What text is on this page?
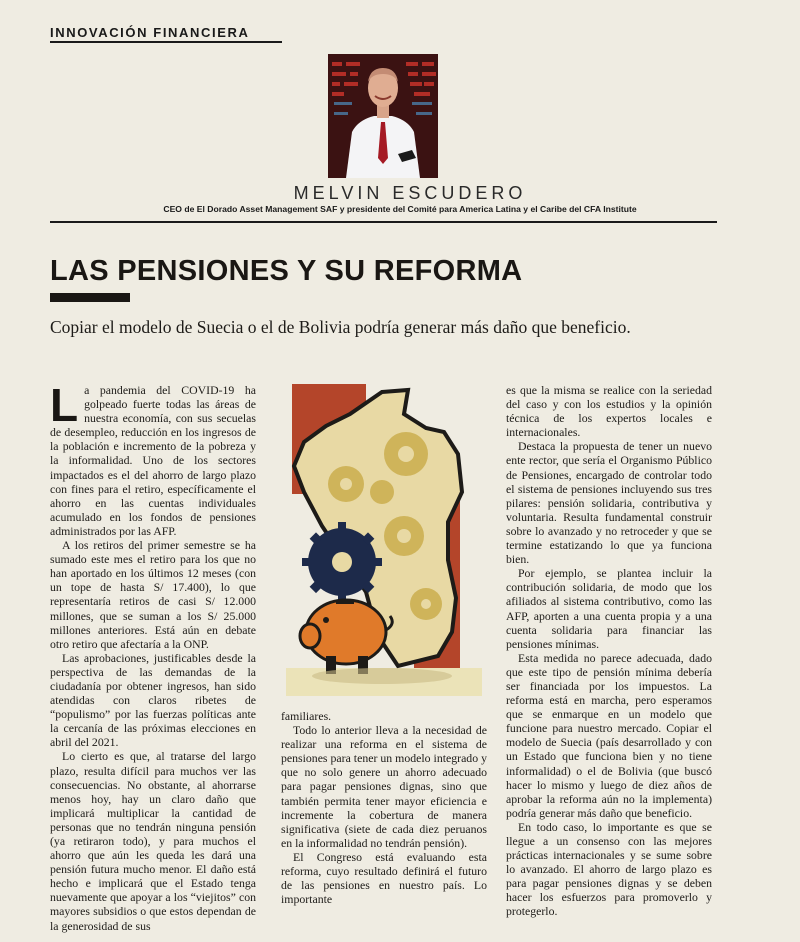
INNOVACIÓN FINANCIERA
MELVIN ESCUDERO
CEO de El Dorado Asset Management SAF y presidente del Comité para America Latina y el Caribe del CFA Institute
LAS PENSIONES Y SU REFORMA
Copiar el modelo de Suecia o el de Bolivia podría generar más daño que beneficio.

La pandemia del COVID-19 ha golpeado fuerte todas las áreas de nuestra economía, con sus secuelas de desempleo, reducción en los ingresos de la población e incremento de la pobreza y la informalidad. Uno de los sectores impactados es el del ahorro de largo plazo con fines para el retiro, específicamente el ahorro en las cuentas individuales acumulado en los fondos de pensiones administrados por las AFP.

A los retiros del primer semestre se ha sumado este mes el retiro para los que no han aportado en los últimos 12 meses (con un tope de hasta S/ 17.400), lo que representaría retiros de casi S/ 12.000 millones, que se suman a los S/ 25.000 millones anteriores. Está aún en debate otro retiro que afectaría a la ONP.

Las aprobaciones, justificables desde la perspectiva de las demandas de la ciudadanía por obtener ingresos, han sido atendidas con claros ribetes de “populismo” por las fuerzas políticas ante la cercanía de las próximas elecciones en abril del 2021.

Lo cierto es que, al tratarse del largo plazo, resulta difícil para muchos ver las consecuencias. No obstante, al ahorrarse menos hoy, hay un claro daño que implicará multiplicar la cantidad de personas que no tendrán ninguna pensión (ya retiraron todo), y para muchos el ahorro que aún les queda les dará una pensión futura mucho menor. El daño está hecho e implicará que el Estado tenga nuevamente que apoyar a los “viejitos” con mayores subsidios o que estos dependan de la generosidad de sus

familiares.

Todo lo anterior lleva a la necesidad de realizar una reforma en el sistema de pensiones para tener un modelo integrado y que no solo genere un ahorro adecuado para pagar pensiones dignas, sino que también permita tener mayor eficiencia e incremente la cobertura de manera significativa (siete de cada diez peruanos en la informalidad no tendrán pensión).

El Congreso está evaluando esta reforma, cuyo resultado definirá el futuro de las pensiones en nuestro país. Lo importante

es que la misma se realice con la seriedad del caso y con los estudios y la opinión técnica de los expertos locales e internacionales.

Destaca la propuesta de tener un nuevo ente rector, que sería el Organismo Público de Pensiones, encargado de controlar todo el sistema de pensiones incluyendo sus tres pilares: pensión solidaria, contributiva y voluntaria. Resulta fundamental construir sobre lo avanzado y no retroceder y que se termine estatizando lo que ya funciona bien.

Por ejemplo, se plantea incluir la contribución solidaria, de modo que los afiliados al sistema contributivo, como las AFP, aporten a una cuenta propia y a una cuenta solidaria para financiar las pensiones mínimas.

Esta medida no parece adecuada, dado que este tipo de pensión mínima debería ser financiada por los impuestos. La reforma está en marcha, pero esperamos que se enmarque en un modelo que funcione para nuestro mercado. Copiar el modelo de Suecia (país desarrollado y con un Estado que funciona bien y no tiene informalidad) o el de Bolivia (que buscó hacer lo mismo y luego de diez años de aprobar la reforma aún no la implementa) podría generar más daño que beneficio.

En todo caso, lo importante es que se llegue a un consenso con las mejores prácticas internacionales y se sume sobre lo avanzado. El ahorro de largo plazo es para pagar pensiones dignas y se deben hacer los esfuerzos para promoverlo y protegerlo.
